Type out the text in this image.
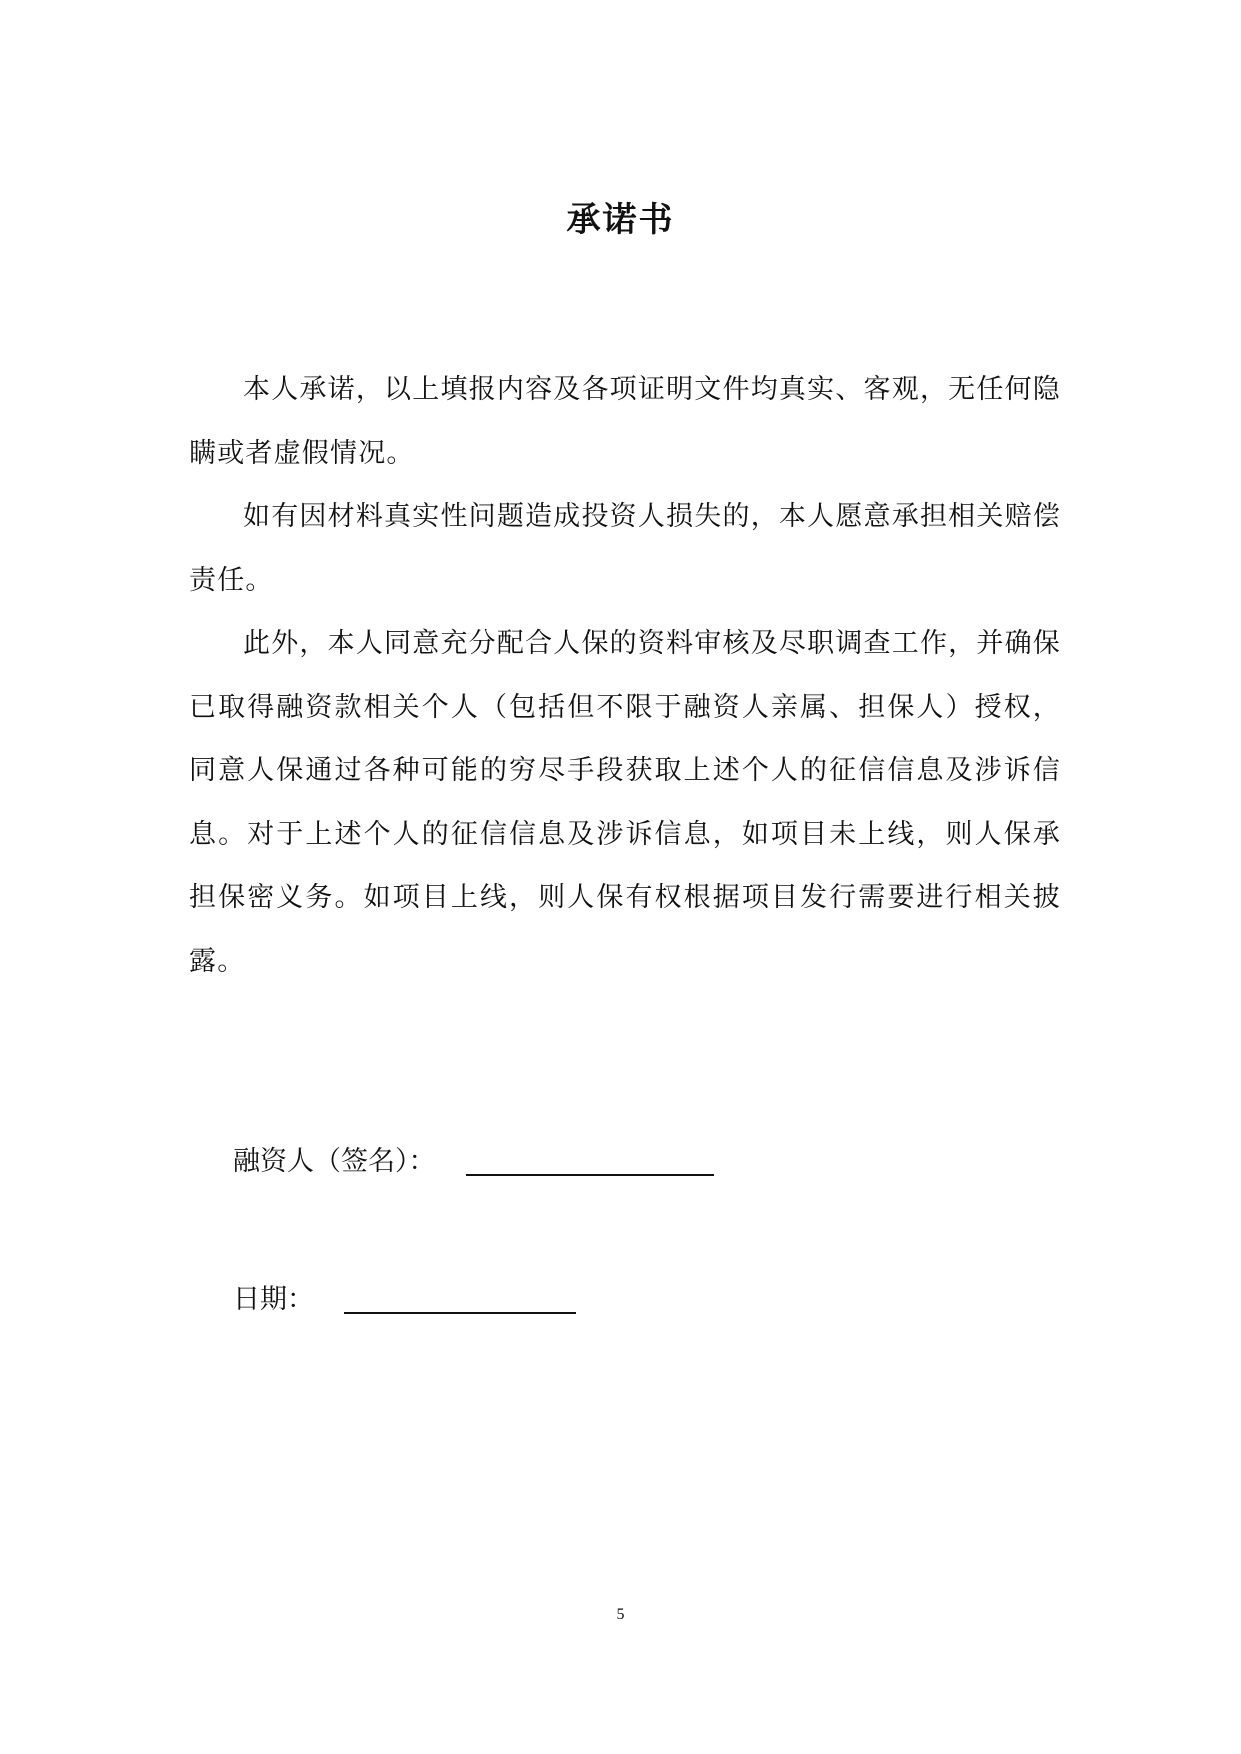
承诺书

本人承诺，以上填报内容及各项证明文件均真实、客观，无任何隐瞒或者虚假情况。

如有因材料真实性问题造成投资人损失的，本人愿意承担相关赔偿责任。

此外，本人同意充分配合人保的资料审核及尽职调查工作，并确保已取得融资款相关个人（包括但不限于融资人亲属、担保人）授权，同意人保通过各种可能的穷尽手段获取上述个人的征信信息及涉诉信息。对于上述个人的征信信息及涉诉信息，如项目未上线，则人保承担保密义务。如项目上线，则人保有权根据项目发行需要进行相关披露。

融资人（签名）：
日期：
5
